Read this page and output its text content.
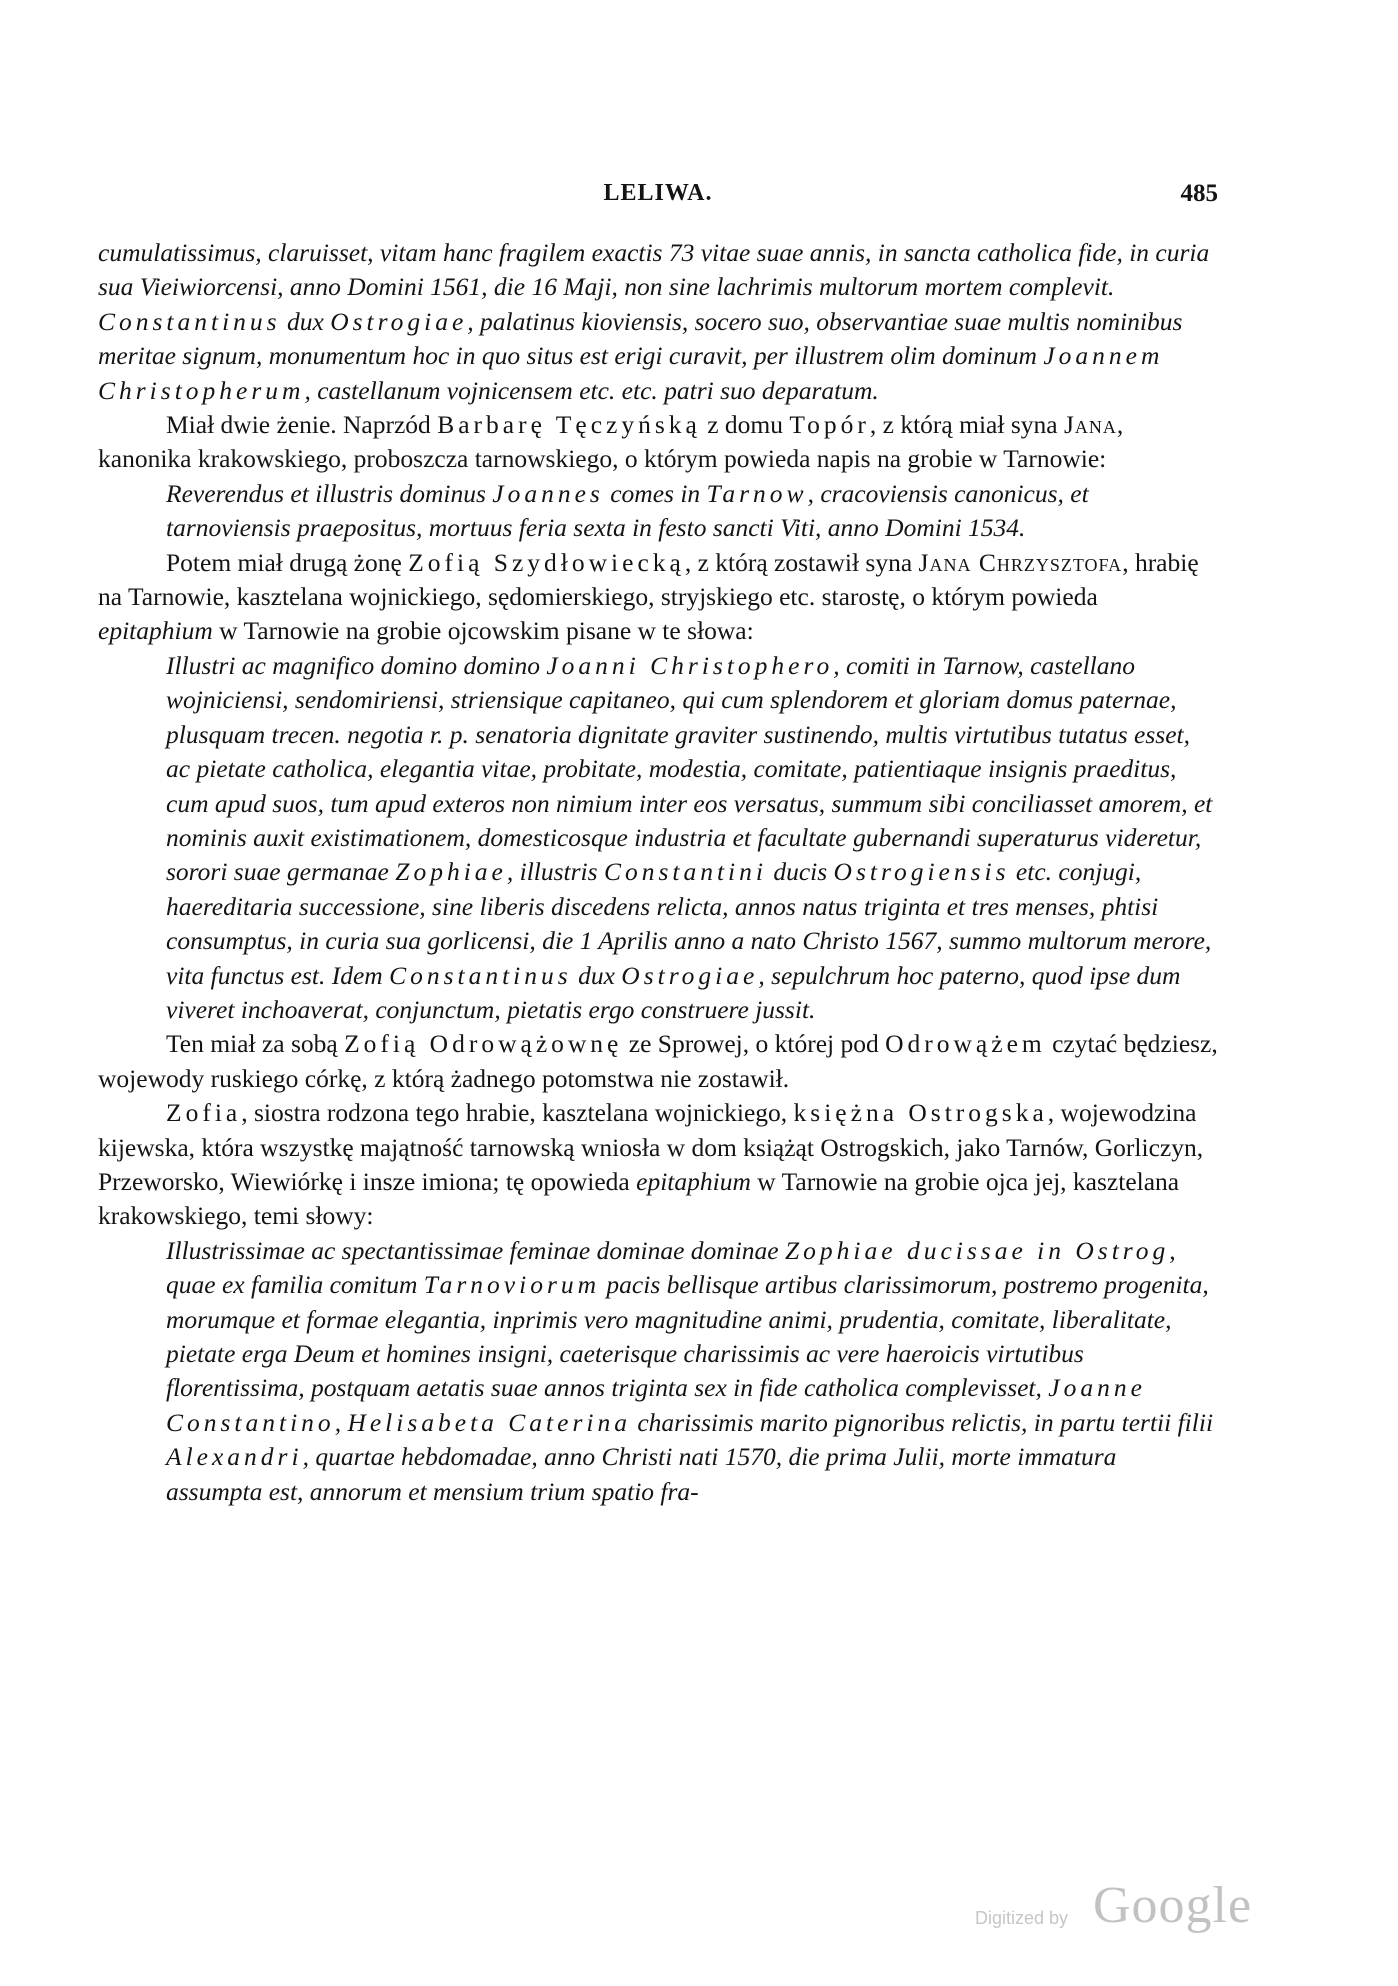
LELIWA.	485

cumulatissimus, claruisset, vitam hanc fragilem exactis 73 vitae suae annis, in sancta catholica fide, in curia sua Vieiwiorcensi, anno Domini 1561, die 16 Maji, non sine lachrimis multorum mortem complevit. Constantinus dux Ostrogiae, palatinus kioviensis, socero suo, observantiae suae multis nominibus meritae signum, monumentum hoc in quo situs est erigi curavit, per illustrem olim dominum Joannem Christopherum, castellanum vojnicensem etc. etc. patri suo deparatum.

Miał dwie żenie. Naprzód Barbarę Tęczyńską z domu Topór, z którą miał syna Jana, kanonika krakowskiego, proboszcza tarnowskiego, o którym powieda napis na grobie w Tarnowie:

Reverendus et illustris dominus Joannes comes in Tarnow, cracoviensis canonicus, et tarnoviensis praepositus, mortuus feria sexta in festo sancti Viti, anno Domini 1534.

Potem miał drugą żonę Zofią Szydłowiecką, z którą zostawił syna Jana Chrzysztofa, hrabię na Tarnowie, kasztelana wojnickiego, sędomierskiego, stryjskiego etc. starostę, o którym powieda epitaphium w Tarnowie na grobie ojcowskim pisane w te słowa:

Illustri ac magnifico domino domino Joanni Christophero, comiti in Tarnow, castellano wojniciensi, sendomiriensi, striensique capitaneo, qui cum splendorem et gloriam domus paternae, plusquam trecen. negotia r. p. senatoria dignitate graviter sustinendo, multis virtutibus tutatus esset, ac pietate catholica, elegantia vitae, probitate, modestia, comitate, patientiaque insignis praeditus, cum apud suos, tum apud exteros non nimium inter eos versatus, summum sibi conciliasset amorem, et nominis auxit existimationem, domesticosque industria et facultate gubernandi superaturus videretur, sorori suae germanae Zophiae, illustris Constantini ducis Ostrogiensis etc. conjugi, haereditaria successione, sine liberis discedens relicta, annos natus triginta et tres menses, phtisi consumptus, in curia sua gorlicensi, die 1 Aprilis anno a nato Christo 1567, summo multorum merore, vita functus est. Idem Constantinus dux Ostrogiae, sepulchrum hoc paterno, quod ipse dum viveret inchoaverat, conjunctum, pietatis ergo construere jussit.

Ten miał za sobą Zofią Odrowążownę ze Sprowej, o której pod Odrowążem czytać będziesz, wojewody ruskiego córkę, z którą żadnego potomstwa nie zostawił.

Zofia, siostra rodzona tego hrabie, kasztelana wojnickiego, księżna Ostrogska, wojewodzina kijewska, która wszystkę majątność tarnowską wniosła w dom książąt Ostrogskich, jako Tarnów, Gorliczyn, Przeworsko, Wiewiórkę i insze imiona; tę opowieda epitaphium w Tarnowie na grobie ojca jej, kasztelana krakowskiego, temi słowy:

Illustrissimae ac spectantissimae feminae dominae dominae Zophiae ducissae in Ostrog, quae ex familia comitum Tarnoviorum pacis bellisque artibus clarissimorum, postremo progenita, morumque et formae elegantia, inprimis vero magnitudine animi, prudentia, comitate, liberalitate, pietate erga Deum et homines insigni, caeterisque charissimis ac vere haeroicis virtutibus florentissima, postquam aetatis suae annos triginta sex in fide catholica complevisset, Joanne Constantino, Helisabeta Caterina charissimis marito pignoribus relictis, in partu tertii filii Alexandri, quartae hebdomadae, anno Christi nati 1570, die prima Julii, morte immatura assumpta est, annorum et mensium trium spatio fra-

Digitized by Google
